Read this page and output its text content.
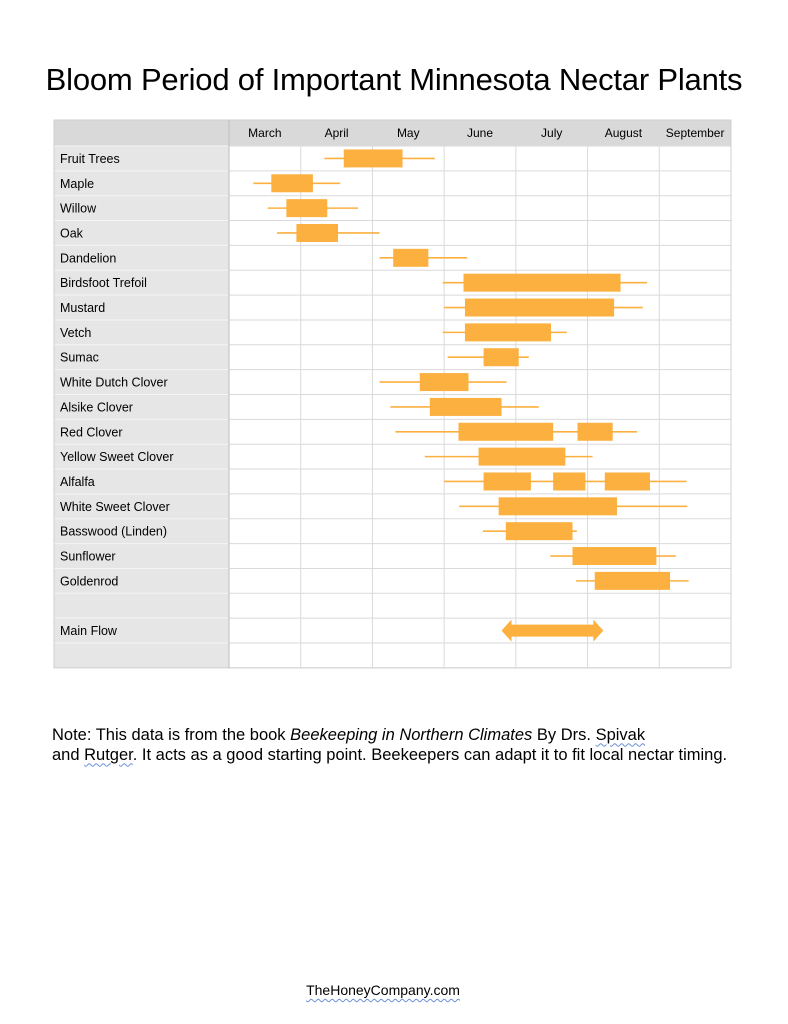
Bloom Period of Important Minnesota Nectar Plants
March	April	May	June	July	August September
Fruit Trees
Maple
Willow
Oak
Dandelion
Birdsfoot Trefoil
Mustard
Vetch
Sumac
White Dutch Clover
Alsike Clover
Red Clover
Yellow Sweet Clover
Alfalfa
White Sweet Clover
Basswood (Linden)
Sunflower
Goldenrod
Main Flow

Note: This data is from the book Beekeeping in Northern Climates By Drs. Spivak
and Rutger. It acts as a good starting point. Beekeepers can adapt it to fit local nectar timing.

TheHoneyCompany.com
